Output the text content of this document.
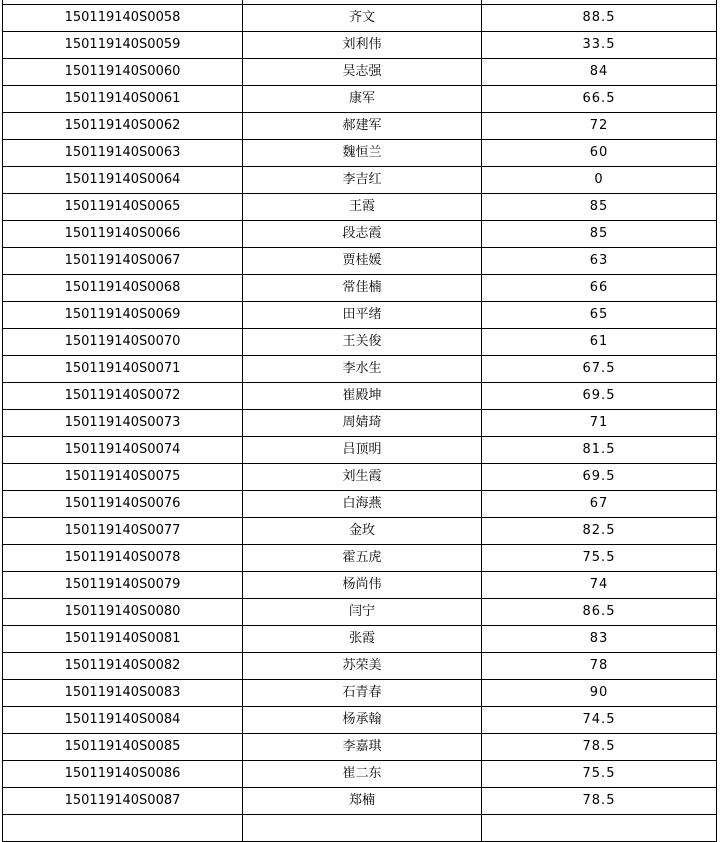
150119140S0058	齐文	88.5
150119140S0059	刘利伟	33.5
150119140S0060	吴志强	84
150119140S0061	康军	66.5
150119140S0062	郝建军	72
150119140S0063	魏恒兰	60
150119140S0064	李吉红	0
150119140S0065	王霞	85
150119140S0066	段志霞	85
150119140S0067	贾桂媛	63
150119140S0068	常佳楠	66
150119140S0069	田平绪	65
150119140S0070	王关俊	61
150119140S0071	李水生	67.5
150119140S0072	崔殿坤	69.5
150119140S0073	周婧琦	71
150119140S0074	吕顶明	81.5
150119140S0075	刘生霞	69.5
150119140S0076	白海燕	67
150119140S0077	金玫	82.5
150119140S0078	霍五虎	75.5
150119140S0079	杨尚伟	74
150119140S0080	闫宁	86.5
150119140S0081	张霞	83
150119140S0082	苏荣美	78
150119140S0083	石青春	90
150119140S0084	杨承翰	74.5
150119140S0085	李嘉琪	78.5
150119140S0086	崔二东	75.5
150119140S0087	郑楠	78.5
